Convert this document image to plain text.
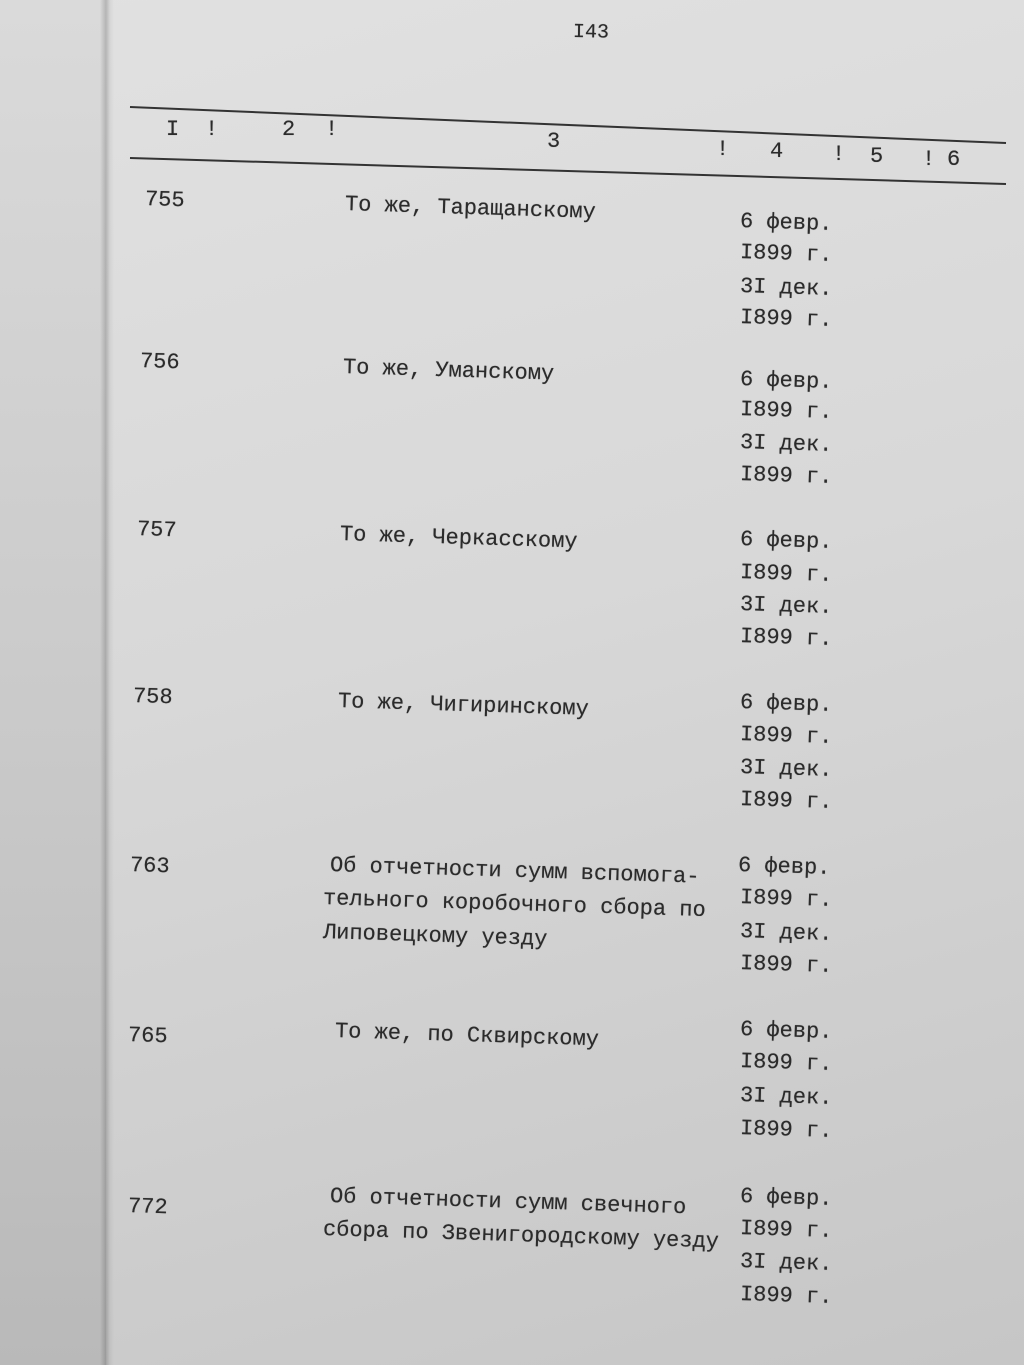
I43
I !	2 !	3	! 4 ! 5 ! 6
755	То же, Таращанскому	6 февр.
I899 г.
3I дек.
I899 г.
756	То же, Уманскому	6 февр.
I899 г.
3I дек.
I899 г.
757	То же, Черкасскому	6 февр.
I899 г.
3I дек.
I899 г.
758	То же, Чигиринскому	6 февр.
I899 г.
3I дек.
I899 г.
763	Об отчетности сумм вспомога-
тельного коробочного сбора по
Липовецкому уезду
6 февр.
I899 г.
3I дек.
I899 г.
765	То же, по Сквирскому	6 февр.
I899 г.
3I дек.
I899 г.
772	Об отчетности сумм свечного
сбора по Звенигородскому уезду
6 февр.
I899 г.
3I дек.
I899 г.
